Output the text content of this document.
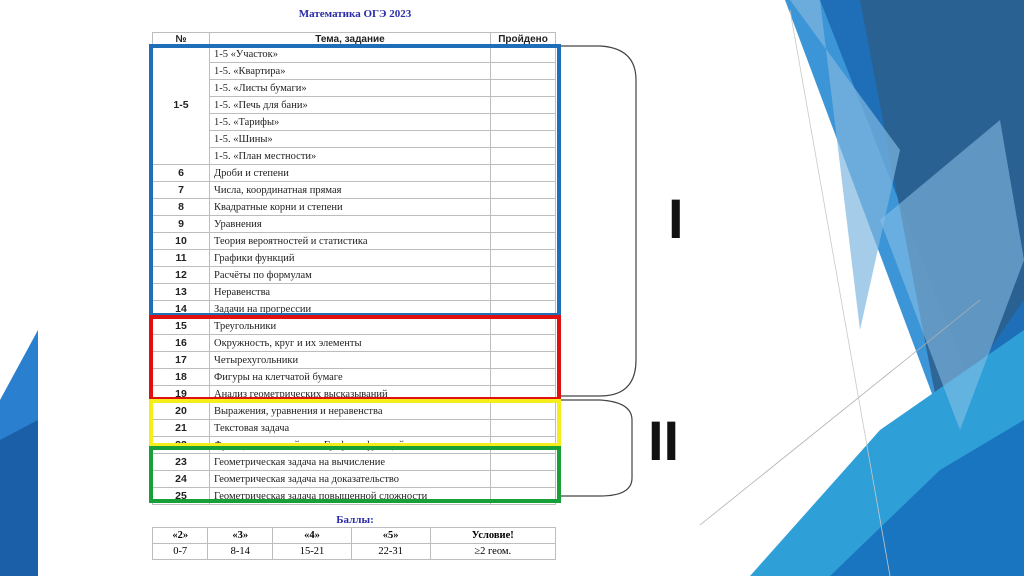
Математика ОГЭ 2023
№	Тема, задание	Пройдено
1-5	1-5 «Участок»	
	1-5. «Квартира»	
	1-5. «Листы бумаги»	
	1-5. «Печь для бани»	
	1-5. «Тарифы»	
	1-5. «Шины»	
	1-5. «План местности»	
6	Дроби и степени	
7	Числа, координатная прямая	
8	Квадратные корни и степени	
9	Уравнения	
10	Теория вероятностей и статистика	
11	Графики функций	
12	Расчёты по формулам	
13	Неравенства	
14	Задачи на прогрессии	
15	Треугольники	
16	Окружность, круг и их элементы	
17	Четырехугольники	
18	Фигуры на клетчатой бумаге	
19	Анализ геометрических высказываний	
20	Выражения, уравнения и неравенства	
21	Текстовая задача	
22	Функции и их свойства. Графики функций	
23	Геометрическая задача на вычисление	
24	Геометрическая задача на доказательство	
25	Геометрическая задача повышенной сложности	
I
II
Баллы:
«2»	«3»	«4»	«5»	Условие!
0-7	8-14	15-21	22-31	≥2 геом.
